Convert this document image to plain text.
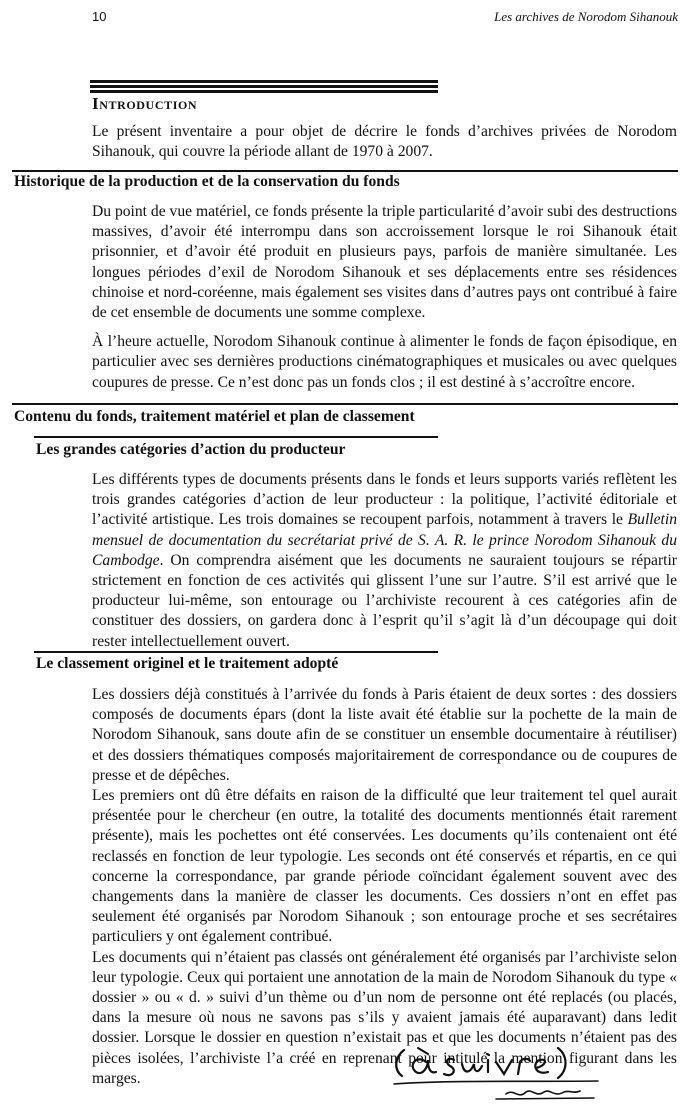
10	Les archives de Norodom Sihanouk
Introduction

Le présent inventaire a pour objet de décrire le fonds d’archives privées de Norodom Sihanouk, qui couvre la période allant de 1970 à 2007.

Historique de la production et de la conservation du fonds

Du point de vue matériel, ce fonds présente la triple particularité d’avoir subi des destructions massives, d’avoir été interrompu dans son accroissement lorsque le roi Sihanouk était prisonnier, et d’avoir été produit en plusieurs pays, parfois de manière simultanée. Les longues périodes d’exil de Norodom Sihanouk et ses déplacements entre ses résidences chinoise et nord-coréenne, mais également ses visites dans d’autres pays ont contribué à faire de cet ensemble de documents une somme complexe.

À l’heure actuelle, Norodom Sihanouk continue à alimenter le fonds de façon épisodique, en particulier avec ses dernières productions cinématographiques et musicales ou avec quelques coupures de presse. Ce n’est donc pas un fonds clos ; il est destiné à s’accroître encore.

Contenu du fonds, traitement matériel et plan de classement
Les grandes catégories d’action du producteur

Les différents types de documents présents dans le fonds et leurs supports variés reflètent les trois grandes catégories d’action de leur producteur : la politique, l’activité éditoriale et l’activité artistique. Les trois domaines se recoupent parfois, notamment à travers le Bulletin mensuel de documentation du secrétariat privé de S. A. R. le prince Norodom Sihanouk du Cambodge. On comprendra aisément que les documents ne sauraient toujours se répartir strictement en fonction de ces activités qui glissent l’une sur l’autre. S’il est arrivé que le producteur lui-même, son entourage ou l’archiviste recourent à ces catégories afin de constituer des dossiers, on gardera donc à l’esprit qu’il s’agit là d’un découpage qui doit rester intellectuellement ouvert.

Le classement originel et le traitement adopté

Les dossiers déjà constitués à l’arrivée du fonds à Paris étaient de deux sortes : des dossiers composés de documents épars (dont la liste avait été établie sur la pochette de la main de Norodom Sihanouk, sans doute afin de se constituer un ensemble documentaire à réutiliser) et des dossiers thématiques composés majoritairement de correspondance ou de coupures de presse et de dépêches.

Les premiers ont dû être défaits en raison de la difficulté que leur traitement tel quel aurait présentée pour le chercheur (en outre, la totalité des documents mentionnés était rarement présente), mais les pochettes ont été conservées. Les documents qu’ils contenaient ont été reclassés en fonction de leur typologie. Les seconds ont été conservés et répartis, en ce qui concerne la correspondance, par grande période coïncidant également souvent avec des changements dans la manière de classer les documents. Ces dossiers n’ont en effet pas seulement été organisés par Norodom Sihanouk ; son entourage proche et ses secrétaires particuliers y ont également contribué.

Les documents qui n’étaient pas classés ont généralement été organisés par l’archiviste selon leur typologie. Ceux qui portaient une annotation de la main de Norodom Sihanouk du type « dossier » ou « d. » suivi d’un thème ou d’un nom de personne ont été replacés (ou placés, dans la mesure où nous ne savons pas s’ils y avaient jamais été auparavant) dans ledit dossier. Lorsque le dossier en question n’existait pas et que les documents n’étaient pas des pièces isolées, l’archiviste l’a créé en reprenant pour intitulé la mention figurant dans les marges.
